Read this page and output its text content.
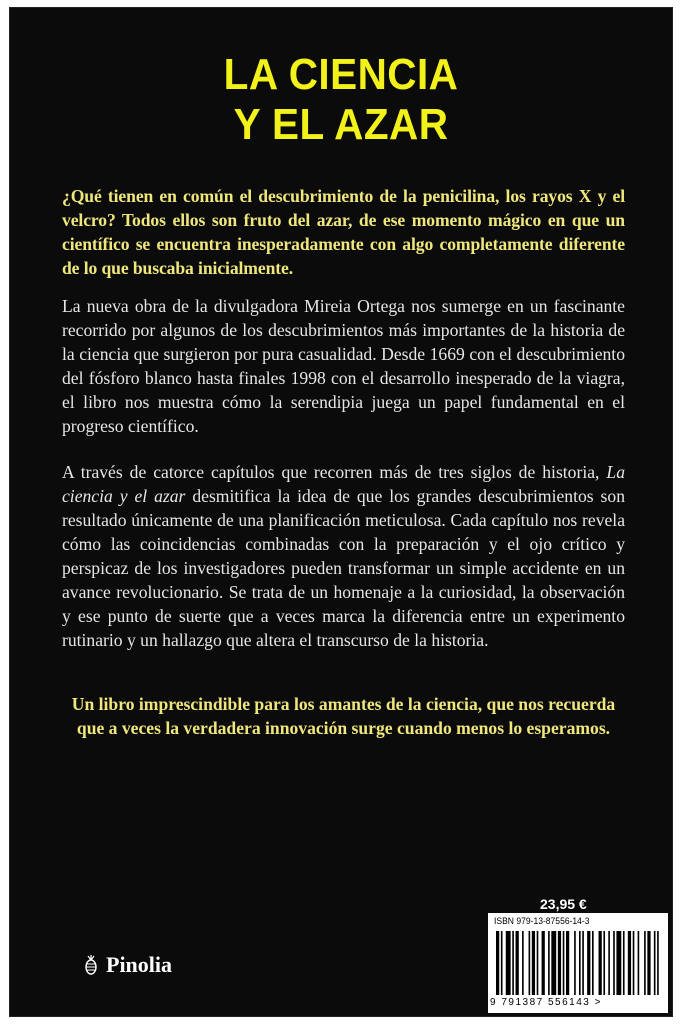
LA CIENCIA
Y EL AZAR
¿Qué tienen en común el descubrimiento de la penicilina, los rayos X y el velcro? Todos ellos son fruto del azar, de ese momento mágico en que un científico se encuentra inesperadamente con algo completamente diferente de lo que buscaba inicialmente.
La nueva obra de la divulgadora Mireia Ortega nos sumerge en un fascinante recorrido por algunos de los descubrimientos más importantes de la historia de la ciencia que surgieron por pura casualidad. Desde 1669 con el descubrimiento del fósforo blanco hasta finales 1998 con el desarrollo inesperado de la viagra, el libro nos muestra cómo la serendipia juega un papel fundamental en el progreso científico.
A través de catorce capítulos que recorren más de tres siglos de historia, La ciencia y el azar desmitifica la idea de que los grandes descubrimientos son resultado únicamente de una planificación meticulosa. Cada capítulo nos revela cómo las coincidencias combinadas con la preparación y el ojo crítico y perspicaz de los investigadores pueden transformar un simple accidente en un avance revolucionario. Se trata de un homenaje a la curiosidad, la observación y ese punto de suerte que a veces marca la diferencia entre un experimento rutinario y un hallazgo que altera el transcurso de la historia.
Un libro imprescindible para los amantes de la ciencia, que nos recuerda que a veces la verdadera innovación surge cuando menos lo esperamos.
Pinolia
23,95 €
ISBN 979-13-87556-14-3
9 791387 556143 >
